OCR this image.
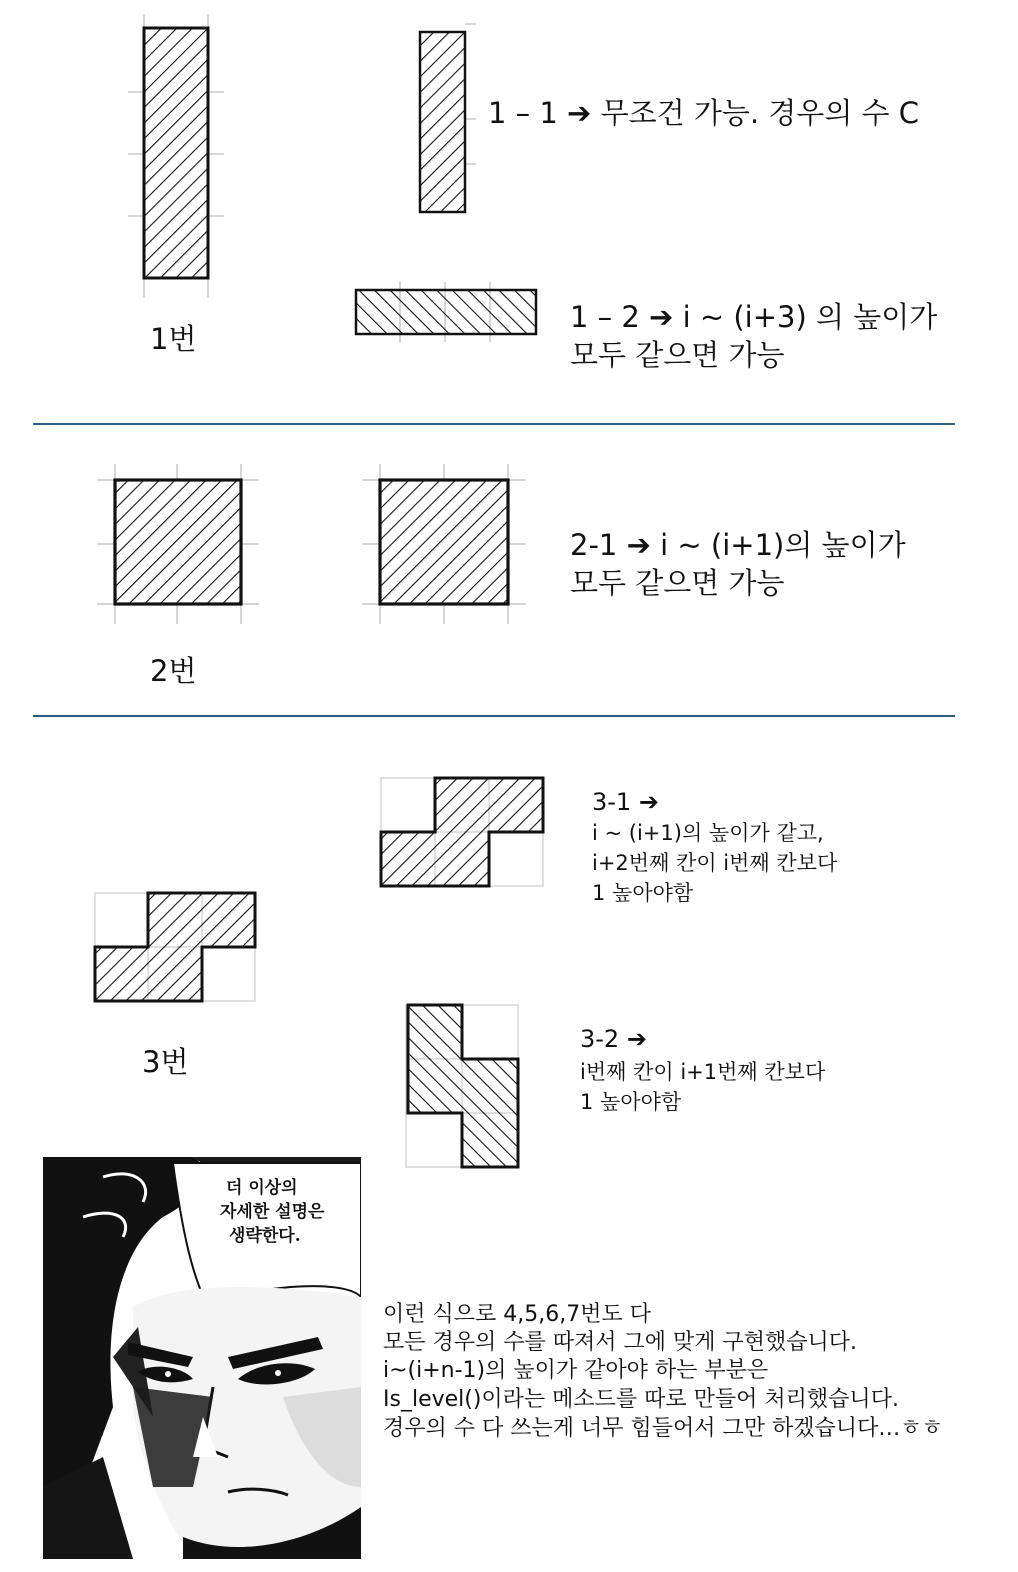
1번
1 – 1 ➔ 무조건 가능. 경우의 수 C
1 – 2 ➔ i ~ (i+3) 의 높이가
모두 같으면 가능
2-1 ➔ i ~ (i+1)의 높이가
모두 같으면 가능
2번
3번
3-1 ➔
i ~ (i+1)의 높이가 같고,
i+2번째 칸이 i번째 칸보다
1 높아야함
3-2 ➔
i번째 칸이 i+1번째 칸보다
1 높아야함
더 이상의
자세한 설명은
생략한다.
이런 식으로 4,5,6,7번도 다
모든 경우의 수를 따져서 그에 맞게 구현했습니다.
i~(i+n-1)의 높이가 같아야 하는 부분은
Is_level()이라는 메소드를 따로 만들어 처리했습니다.
경우의 수 다 쓰는게 너무 힘들어서 그만 하겠습니다…ㅎㅎ
